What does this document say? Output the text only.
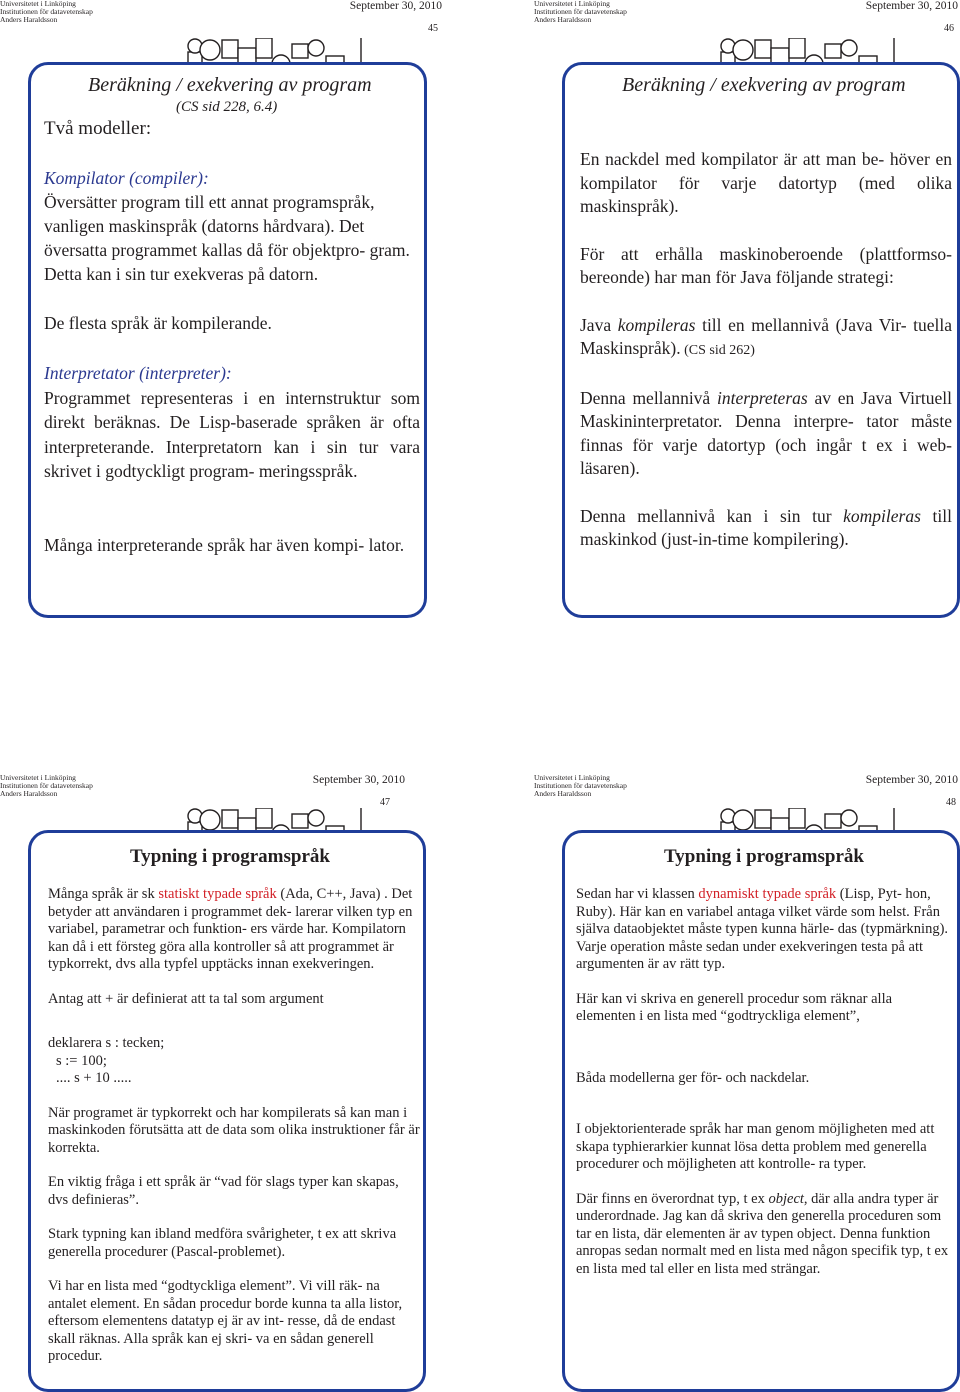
Universitetet i Linköping
Institutionen för datavetenskap
Anders Haraldsson
September 30, 2010
45
Beräkning / exekvering av program
(CS sid 228, 6.4)
Två modeller:

Kompilator (compiler):

Översätter program till ett annat programspråk, vanligen maskinspråk (datorns hårdvara). Det översatta programmet kallas då för objektpro- gram. Detta kan i sin tur exekveras på datorn.

De flesta språk är kompilerande.

Interpretator (interpreter):

Programmet representeras i en internstruktur som direkt beräknas. De Lisp-baserade språken är ofta interpreterande. Interpretatorn kan i sin tur vara skrivet i godtyckligt program- meringsspråk.

Många interpreterande språk har även kompi- lator.
Universitetet i Linköping
Institutionen för datavetenskap
Anders Haraldsson
September 30, 2010
46
Beräkning / exekvering av program

En nackdel med kompilator är att man be- höver en kompilator för varje datortyp (med olika maskinspråk).

För att erhålla maskinoberoende (plattformso- bereonde) har man för Java följande strategi:

Java kompileras till en mellannivå (Java Vir- tuella Maskinspråk). (CS sid 262)

Denna mellannivå interpreteras av en Java Virtuell Maskininterpretator. Denna interpre- tator måste finnas för varje datortyp (och ingår t ex i web-läsaren).

Denna mellannivå kan i sin tur kompileras till maskinkod (just-in-time kompilering).

Universitetet i Linköping
Institutionen för datavetenskap
Anders Haraldsson
September 30, 2010
47
Typning i programspråk

Många språk är sk statiskt typade språk (Ada, C++, Java) . Det betyder att användaren i programmet dek- larerar vilken typ en variabel, parametrar och funktion- ers värde har. Kompilatorn kan då i ett försteg göra alla kontroller så att programmet är typkorrekt, dvs alla typfel upptäcks innan exekveringen.

Antag att + är definierat att ta tal som argument

deklarera s : tecken;

s := 100;

.... s + 10 .....

När programet är typkorrekt och har kompilerats så kan man i maskinkoden förutsätta att de data som olika instruktioner får är korrekta.

En viktig fråga i ett språk är “vad för slags typer kan skapas, dvs definieras”.

Stark typning kan ibland medföra svårigheter, t ex att skriva generella procedurer (Pascal-problemet).

Vi har en lista med “godtyckliga element”. Vi vill räk- na antalet element. En sådan procedur borde kunna ta alla listor, eftersom elementens datatyp ej är av int- resse, då de endast skall räknas. Alla språk kan ej skri- va en sådan generell procedur.

Universitetet i Linköping
Institutionen för datavetenskap
Anders Haraldsson
September 30, 2010
48
Typning i programspråk

Sedan har vi klassen dynamiskt typade språk (Lisp, Pyt- hon, Ruby). Här kan en variabel antaga vilket värde som helst. Från själva dataobjektet måste typen kunna härle- das (typmärkning). Varje operation måste sedan under exekveringen testa på att argumenten är av rätt typ.

Här kan vi skriva en generell procedur som räknar alla elementen i en lista med “godtryckliga element”,

Båda modellerna ger för- och nackdelar.

I objektorienterade språk har man genom möjligheten med att skapa typhierarkier kunnat lösa detta problem med generella procedurer och möjligheten att kontrolle- ra typer.

Där finns en överordnat typ, t ex object, där alla andra typer är underordnade. Jag kan då skriva den generella proceduren som tar en lista, där elementen är av typen object. Denna funktion anropas sedan normalt med en lista med någon specifik typ, t ex en lista med tal eller en lista med strängar.
